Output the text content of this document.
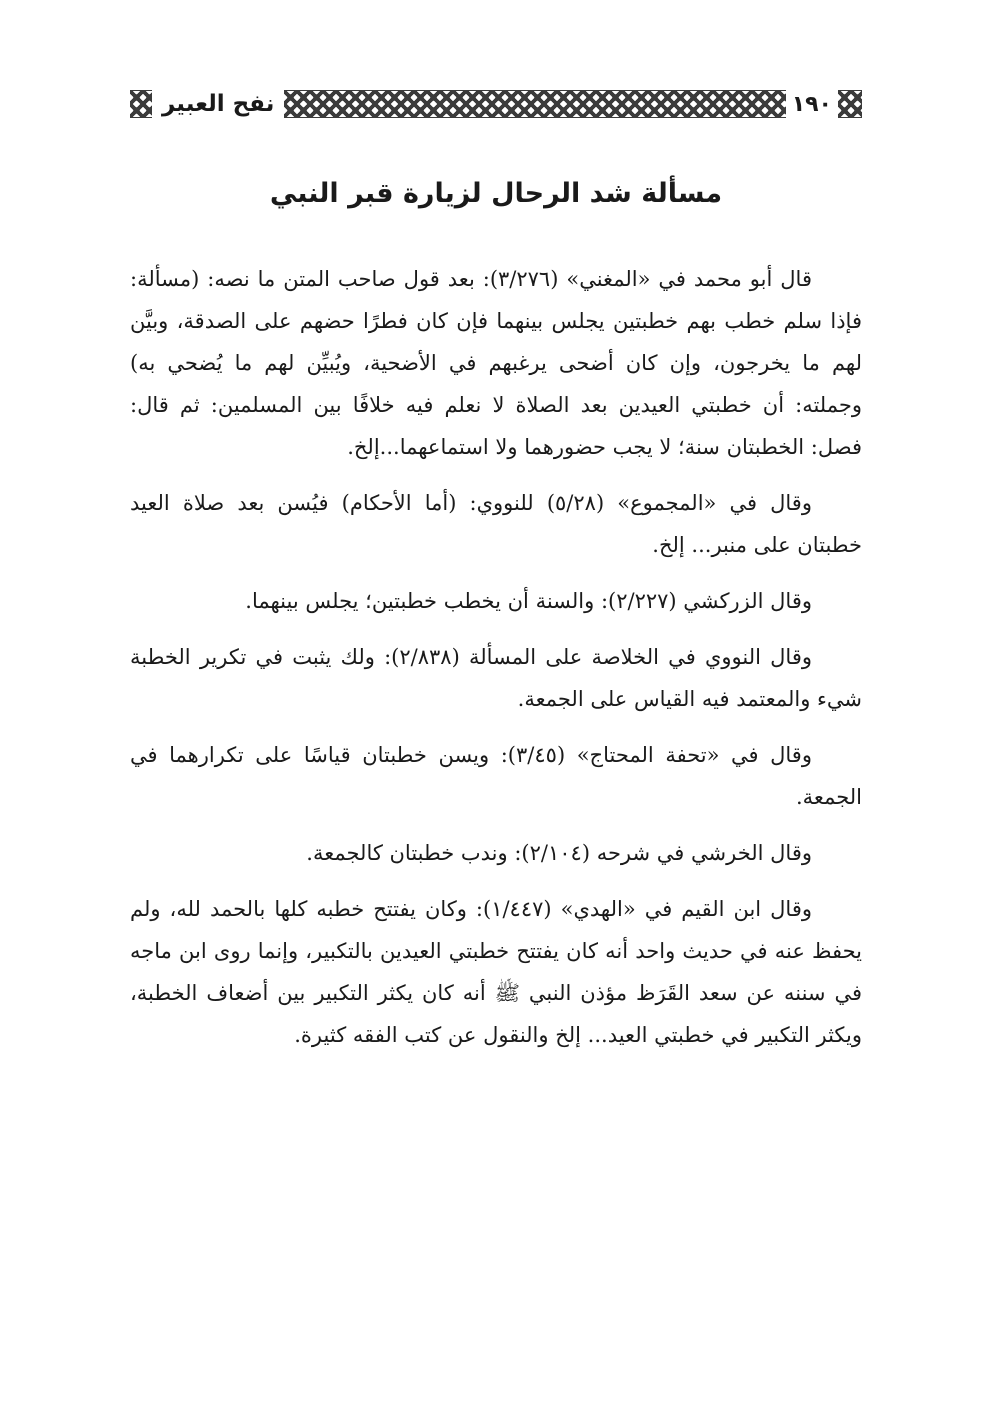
١٩٠
نفح العبير
مسألة شد الرحال لزيارة قبر النبي

قال أبو محمد في «المغني» (٣/٢٧٦): بعد قول صاحب المتن ما نصه: (مسألة: فإذا سلم خطب بهم خطبتين يجلس بينهما فإن كان فطرًا حضهم على الصدقة، وبيَّن لهم ما يخرجون، وإن كان أضحى يرغبهم في الأضحية، ويُبيِّن لهم ما يُضحي به) وجملته: أن خطبتي العيدين بعد الصلاة لا نعلم فيه خلافًا بين المسلمين: ثم قال: فصل: الخطبتان سنة؛ لا يجب حضورهما ولا استماعهما...إلخ.

وقال في «المجموع» (٥/٢٨) للنووي: (أما الأحكام) فيُسن بعد صلاة العيد خطبتان على منبر... إلخ.

وقال الزركشي (٢/٢٢٧): والسنة أن يخطب خطبتين؛ يجلس بينهما.

وقال النووي في الخلاصة على المسألة (٢/٨٣٨): ولك يثبت في تكرير الخطبة شيء والمعتمد فيه القياس على الجمعة.

وقال في «تحفة المحتاج» (٣/٤٥): ويسن خطبتان قياسًا على تكرارهما في الجمعة.

وقال الخرشي في شرحه (٢/١٠٤): وندب خطبتان كالجمعة.

وقال ابن القيم في «الهدي» (١/٤٤٧): وكان يفتتح خطبه كلها بالحمد لله، ولم يحفظ عنه في حديث واحد أنه كان يفتتح خطبتي العيدين بالتكبير، وإنما روى ابن ماجه في سننه عن سعد القَرَظ مؤذن النبي ﷺ أنه كان يكثر التكبير بين أضعاف الخطبة، ويكثر التكبير في خطبتي العيد... إلخ والنقول عن كتب الفقه كثيرة.
